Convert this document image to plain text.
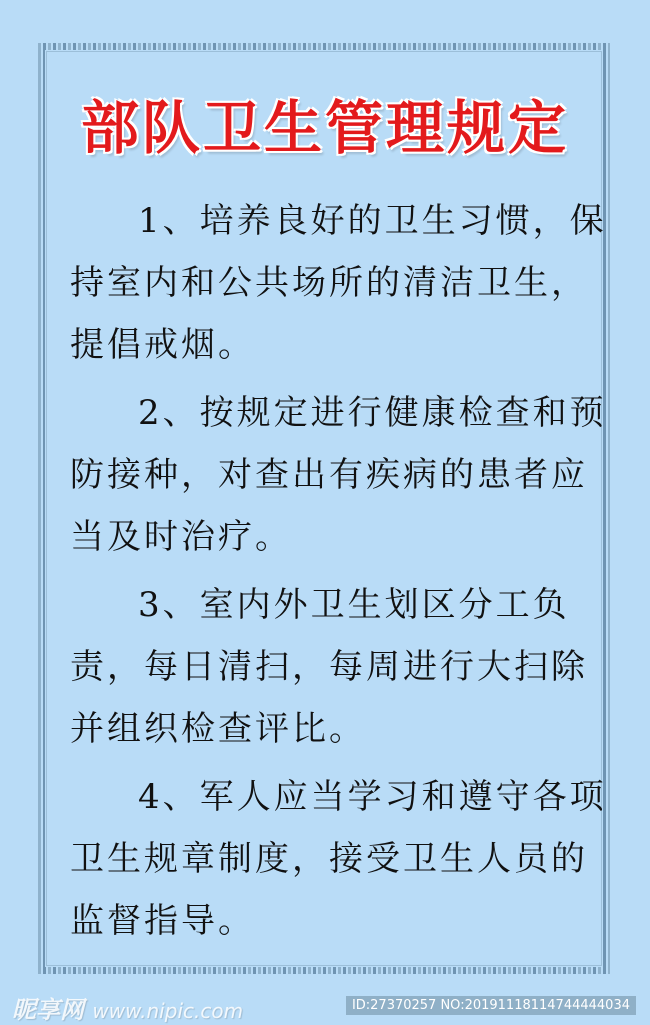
部队卫生管理规定

1、培养良好的卫生习惯，保持室内和公共场所的清洁卫生，提倡戒烟。

2、按规定进行健康检查和预防接种，对查出有疾病的患者应当及时治疗。

3、室内外卫生划区分工负责，每日清扫，每周进行大扫除并组织检查评比。

4、军人应当学习和遵守各项卫生规章制度，接受卫生人员的监督指导。

昵享网 www.nipic.com	ID:27370257 NO:20191118114744444034
